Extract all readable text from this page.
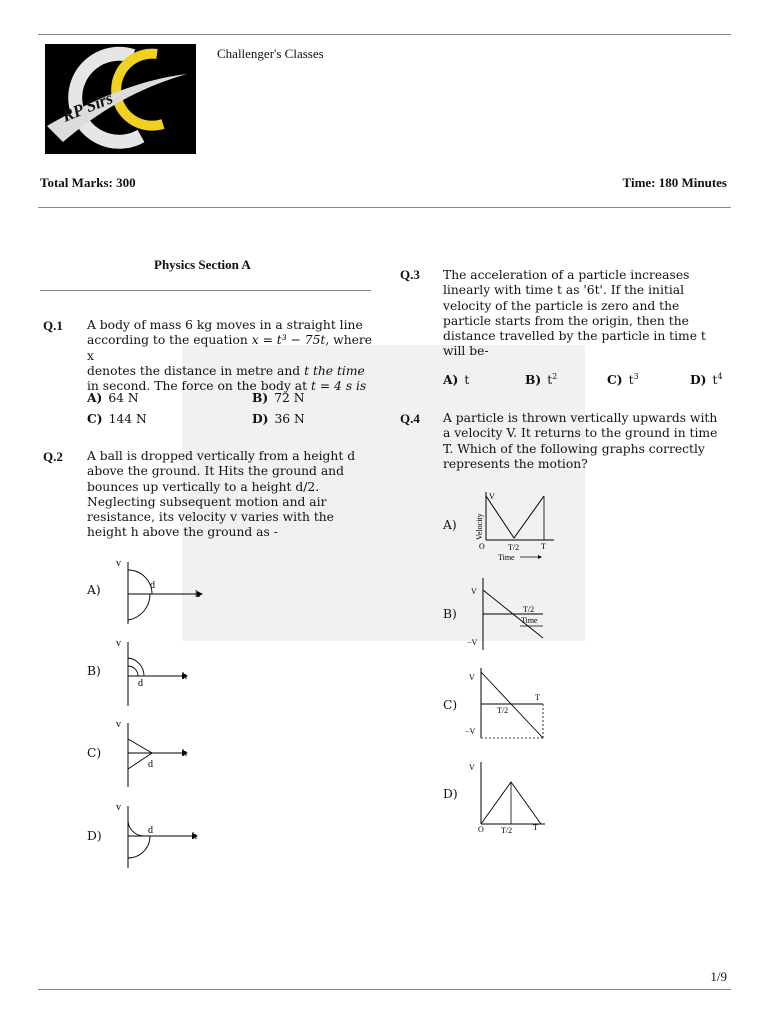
RP Sirs
Challenger's Classes
Total Marks: 300	Time: 180 Minutes
Physics Section A
Q.1 A body of mass 6 kg moves in a straight line
according to the equation x = t³ − 75t, where x
denotes the distance in metre and t the time
in second. The force on the body at t = 4 s is
A) 64 N	B) 72 N
C) 144 N	D) 36 N
Q.2 A ball is dropped vertically from a height d
above the ground. It Hits the ground and
bounces up vertically to a height d/2.
Neglecting subsequent motion and air
resistance, its velocity v varies with the
height h above the ground as -
A)
v
h
d
B)
v
h
d
C)
v
h
d
D)
v
h
d
Q.3 The acceleration of a particle increases
linearly with time t as '6t'. If the initial
velocity of the particle is zero and the
particle starts from the origin, then the
distance travelled by the particle in time t
will be-
A) t	B) $t^2$	C) $t^3$	D) $t^4$
Q.4 A particle is thrown vertically upwards with
a velocity V. It returns to the ground in time
T. Which of the following graphs correctly
represents the motion?
A) Velocity
V
O	T/2	T
Time
B)
V
−V
T/2
Time
C)
V
−V
T/2
T
D)
V
O T/2	T
1/9
